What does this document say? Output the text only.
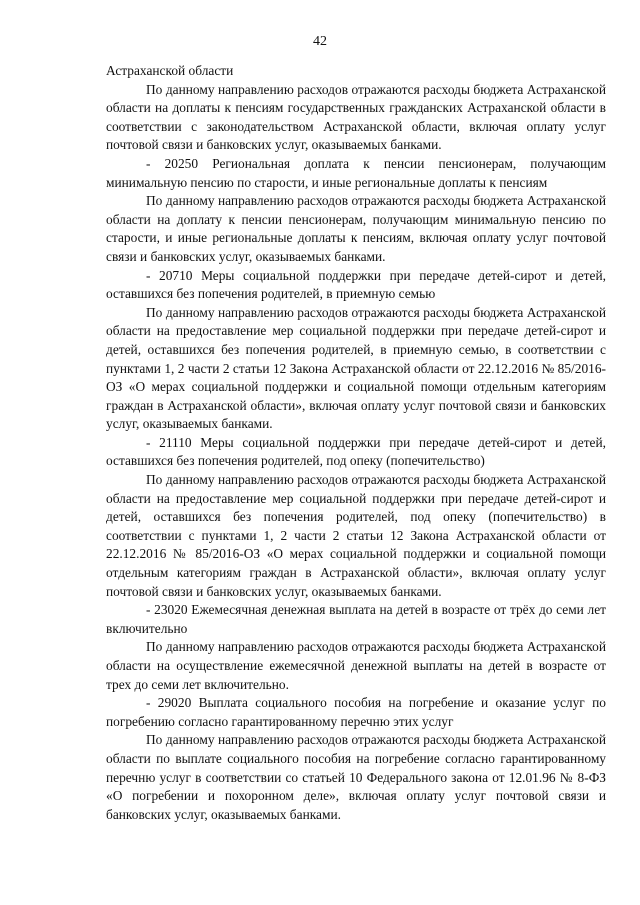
42

Астраханской области

По данному направлению расходов отражаются расходы бюджета Астраханской области на доплаты к пенсиям государственных гражданских Астраханской области в соответствии с законодательством Астраханской области, включая оплату услуг почтовой связи и банковских услуг, оказываемых банками.

- 20250 Региональная доплата к пенсии пенсионерам, получающим минимальную пенсию по старости, и иные региональные доплаты к пенсиям

По данному направлению расходов отражаются расходы бюджета Астраханской области на доплату к пенсии пенсионерам, получающим минимальную пенсию по старости, и иные региональные доплаты к пенсиям, включая оплату услуг почтовой связи и банковских услуг, оказываемых банками.

- 20710 Меры социальной поддержки при передаче детей-сирот и детей, оставшихся без попечения родителей, в приемную семью

По данному направлению расходов отражаются расходы бюджета Астраханской области на предоставление мер социальной поддержки при передаче детей-сирот и детей, оставшихся без попечения родителей, в приемную семью, в соответствии с пунктами 1, 2 части 2 статьи 12 Закона Астраханской области от 22.12.2016 № 85/2016-ОЗ «О мерах социальной поддержки и социальной помощи отдельным категориям граждан в Астраханской области», включая оплату услуг почтовой связи и банковских услуг, оказываемых банками.

- 21110 Меры социальной поддержки при передаче детей-сирот и детей, оставшихся без попечения родителей, под опеку (попечительство)

По данному направлению расходов отражаются расходы бюджета Астраханской области на предоставление мер социальной поддержки при передаче детей-сирот и детей, оставшихся без попечения родителей, под опеку (попечительство) в соответствии с пунктами 1, 2 части 2 статьи 12 Закона Астраханской области от 22.12.2016 № 85/2016-ОЗ «О мерах социальной поддержки и социальной помощи отдельным категориям граждан в Астраханской области», включая оплату услуг почтовой связи и банковских услуг, оказываемых банками.

- 23020 Ежемесячная денежная выплата на детей в возрасте от трёх до семи лет включительно

По данному направлению расходов отражаются расходы бюджета Астраханской области на осуществление ежемесячной денежной выплаты на детей в возрасте от трех до семи лет включительно.

- 29020 Выплата социального пособия на погребение и оказание услуг по погребению согласно гарантированному перечню этих услуг

По данному направлению расходов отражаются расходы бюджета Астраханской области по выплате социального пособия на погребение согласно гарантированному перечню услуг в соответствии со статьей 10 Федерального закона от 12.01.96 № 8-ФЗ «О погребении и похоронном деле», включая оплату услуг почтовой связи и банковских услуг, оказываемых банками.
